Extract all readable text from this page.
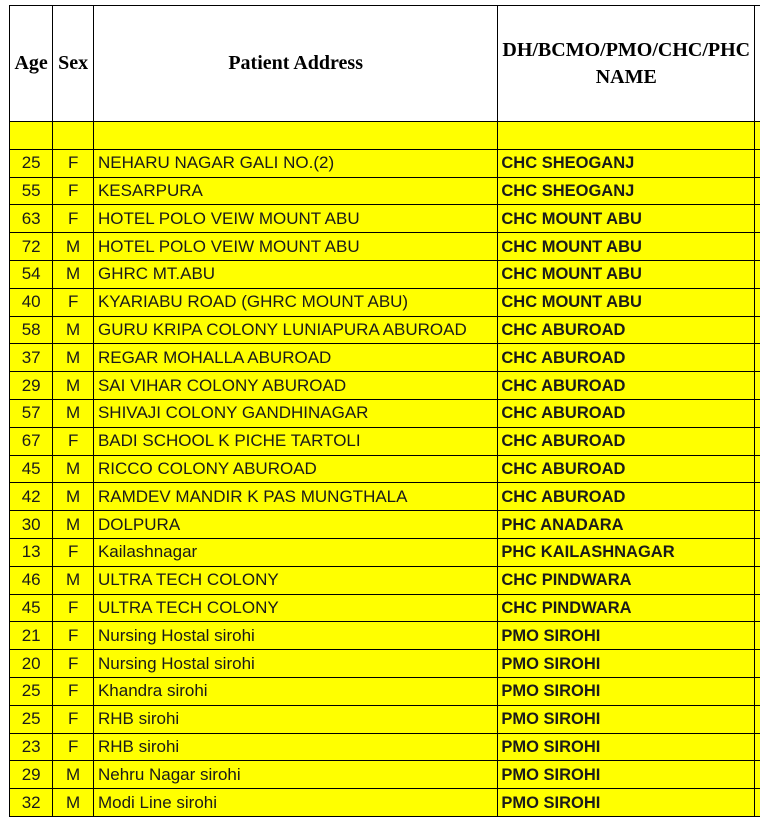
Age	Sex	Patient Address	DH/BCMO/PMO/CHC/PHC NAME	

25	F	NEHARU NAGAR GALI NO.(2)	CHC SHEOGANJ	
55	F	KESARPURA	CHC SHEOGANJ	
63	F	HOTEL POLO VEIW MOUNT ABU	CHC MOUNT ABU	
72	M	HOTEL POLO VEIW MOUNT ABU	CHC MOUNT ABU	
54	M	GHRC MT.ABU	CHC MOUNT ABU	
40	F	KYARIABU ROAD (GHRC MOUNT ABU)	CHC MOUNT ABU	
58	M	GURU KRIPA COLONY LUNIAPURA ABUROAD	CHC ABUROAD	
37	M	REGAR MOHALLA ABUROAD	CHC ABUROAD	
29	M	SAI VIHAR COLONY ABUROAD	CHC ABUROAD	
57	M	SHIVAJI COLONY GANDHINAGAR	CHC ABUROAD	
67	F	BADI SCHOOL K PICHE TARTOLI	CHC ABUROAD	
45	M	RICCO COLONY ABUROAD	CHC ABUROAD	
42	M	RAMDEV MANDIR K PAS MUNGTHALA	CHC ABUROAD	
30	M	DOLPURA	PHC ANADARA	
13	F	Kailashnagar	PHC KAILASHNAGAR	
46	M	ULTRA TECH COLONY	CHC PINDWARA	
45	F	ULTRA TECH COLONY	CHC PINDWARA	
21	F	Nursing Hostal sirohi	PMO SIROHI	
20	F	Nursing Hostal sirohi	PMO SIROHI	
25	F	Khandra sirohi	PMO SIROHI	
25	F	RHB sirohi	PMO SIROHI	
23	F	RHB sirohi	PMO SIROHI	
29	M	Nehru Nagar sirohi	PMO SIROHI	
32	M	Modi Line sirohi	PMO SIROHI	
